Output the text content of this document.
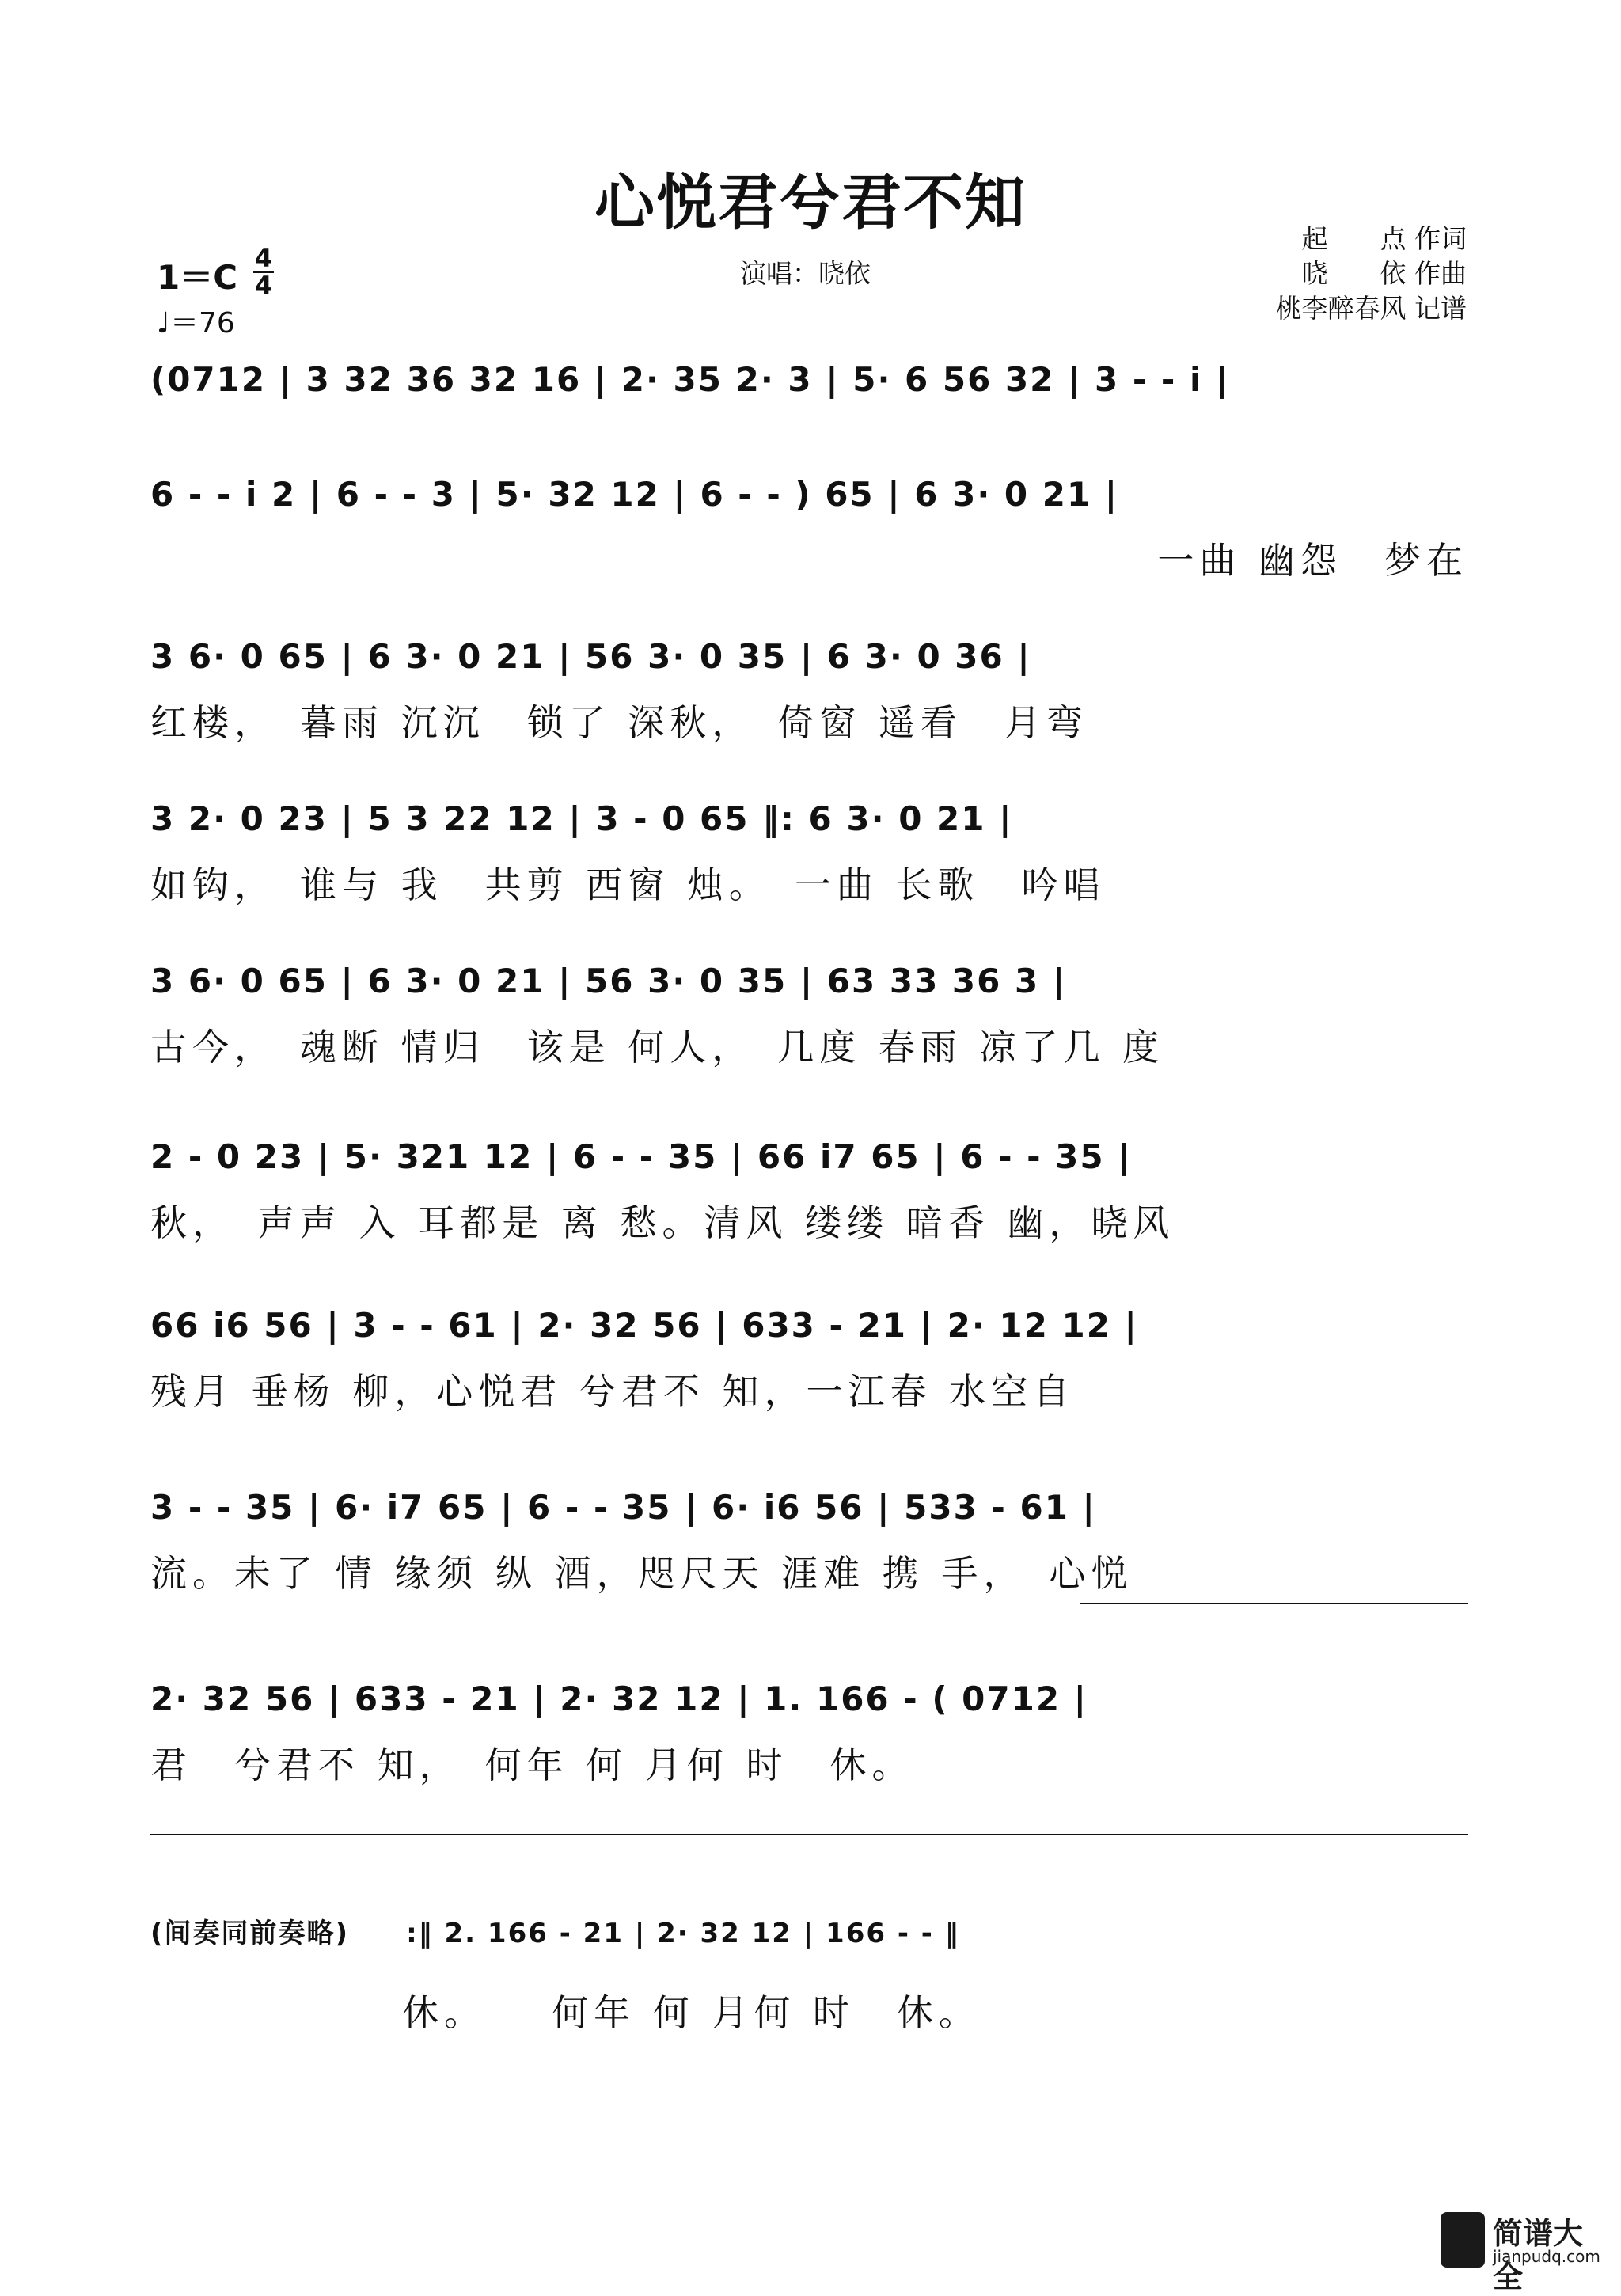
心悦君兮君不知
起　　点 作词
晓　　依 作曲
桃李醉春风 记谱
演唱：晓依
1＝C 4
4
♩＝76
(0712 | 3 32 36 32 16 | 2· 35 2· 3 | 5· 6 56 32 | 3 - - i |
6 - - i 2 | 6 - - 3 | 5· 32 12 | 6 - - ) 65 | 6 3· 0 21 |
一曲 幽怨　梦在
3 6· 0 65 | 6 3· 0 21 | 56 3· 0 35 | 6 3· 0 36 |
红楼，　暮雨 沉沉　锁了 深秋，　倚窗 遥看　月弯
3 2· 0 23 | 5 3 22 12 | 3 - 0 65 ‖: 6 3· 0 21 |
如钩，　谁与 我　共剪 西窗 烛。　一曲 长歌　吟唱
3 6· 0 65 | 6 3· 0 21 | 56 3· 0 35 | 63 33 36 3 |
古今，　魂断 情归　该是 何人，　几度 春雨 凉了几 度
2 - 0 23 | 5· 321 12 | 6 - - 35 | 66 i7 65 | 6 - - 35 |
秋，　声声 入 耳都是 离 愁。清风 缕缕 暗香 幽，晓风
66 i6 56 | 3 - - 61 | 2· 32 56 | 633 - 21 | 2· 12 12 |
残月 垂杨 柳，心悦君 兮君不 知，一江春 水空自
3 - - 35 | 6· i7 65 | 6 - - 35 | 6· i6 56 | 533 - 61 |
流。未了 情 缘须 纵 酒，咫尺天 涯难 携 手，　心悦
2· 32 56 | 633 - 21 | 2· 32 12 | 1. 166 - ( 0712 |
君　兮君不 知，　何年 何 月何 时　休。
(间奏同前奏略)　　:‖ 2. 166 - 21 | 2· 32 12 | 166 - - ‖
　　　　　　休。　　何年 何 月何 时　休。
简谱大全
jianpudq.com
